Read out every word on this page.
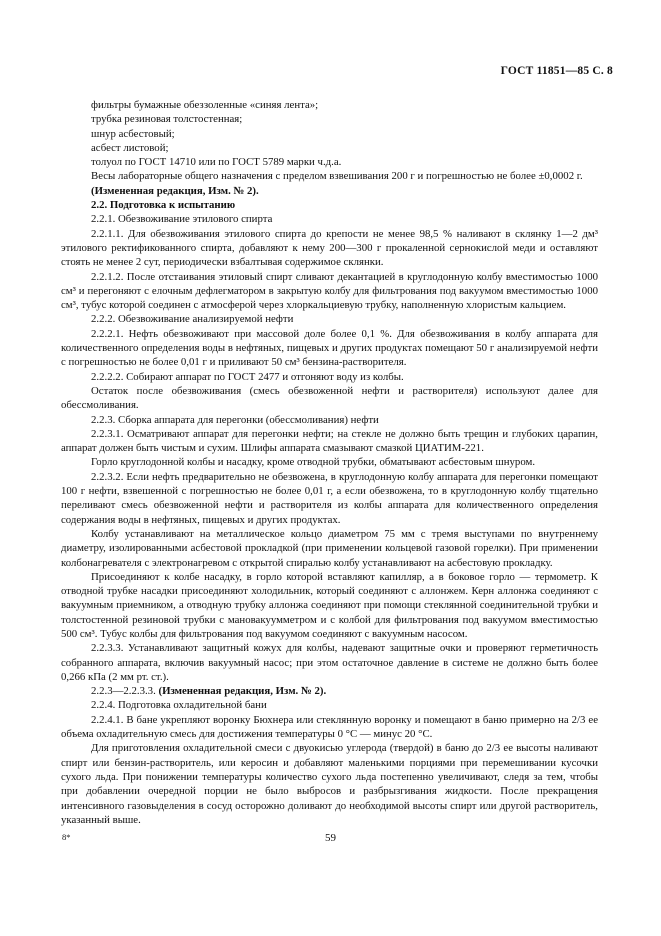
ГОСТ 11851—85 С. 8

фильтры бумажные обеззоленные «синяя лента»;

трубка резиновая толстостенная;

шнур асбестовый;

асбест листовой;

толуол по ГОСТ 14710 или по ГОСТ 5789 марки ч.д.а.

Весы лабораторные общего назначения с пределом взвешивания 200 г и погрешностью не более ±0,0002 г.

(Измененная редакция, Изм. № 2).

2.2. Подготовка к испытанию

2.2.1. Обезвоживание этилового спирта

2.2.1.1. Для обезвоживания этилового спирта до крепости не менее 98,5 % наливают в склянку 1—2 дм³ этилового ректификованного спирта, добавляют к нему 200—300 г прокаленной сернокислой меди и оставляют стоять не менее 2 сут, периодически взбалтывая содержимое склянки.

2.2.1.2. После отстаивания этиловый спирт сливают декантацией в круглодонную колбу вместимостью 1000 см³ и перегоняют с елочным дефлегматором в закрытую колбу для фильтрования под вакуумом вместимостью 1000 см³, тубус которой соединен с атмосферой через хлоркальциевую трубку, наполненную хлористым кальцием.

2.2.2. Обезвоживание анализируемой нефти

2.2.2.1. Нефть обезвоживают при массовой доле более 0,1 %. Для обезвоживания в колбу аппарата для количественного определения воды в нефтяных, пищевых и других продуктах помещают 50 г анализируемой нефти с погрешностью не более 0,01 г и приливают 50 см³ бензина-растворителя.

2.2.2.2. Собирают аппарат по ГОСТ 2477 и отгоняют воду из колбы.

Остаток после обезвоживания (смесь обезвоженной нефти и растворителя) используют далее для обессмоливания.

2.2.3. Сборка аппарата для перегонки (обессмоливания) нефти

2.2.3.1. Осматривают аппарат для перегонки нефти; на стекле не должно быть трещин и глубоких царапин, аппарат должен быть чистым и сухим. Шлифы аппарата смазывают смазкой ЦИАТИМ-221.

Горло круглодонной колбы и насадку, кроме отводной трубки, обматывают асбестовым шнуром.

2.2.3.2. Если нефть предварительно не обезвожена, в круглодонную колбу аппарата для перегонки помещают 100 г нефти, взвешенной с погрешностью не более 0,01 г, а если обезвожена, то в круглодонную колбу тщательно переливают смесь обезвоженной нефти и растворителя из колбы аппарата для количественного определения содержания воды в нефтяных, пищевых и других продуктах.

Колбу устанавливают на металлическое кольцо диаметром 75 мм с тремя выступами по внутреннему диаметру, изолированными асбестовой прокладкой (при применении кольцевой газовой горелки). При применении колбонагревателя с электронагревом с открытой спиралью колбу устанавливают на асбестовую прокладку.

Присоединяют к колбе насадку, в горло которой вставляют капилляр, а в боковое горло — термометр. К отводной трубке насадки присоединяют холодильник, который соединяют с аллонжем. Керн аллонжа соединяют с вакуумным приемником, а отводную трубку аллонжа соединяют при помощи стеклянной соединительной трубки и толстостенной резиновой трубки с мановакуумметром и с колбой для фильтрования под вакуумом вместимостью 500 см³. Тубус колбы для фильтрования под вакуумом соединяют с вакуумным насосом.

2.2.3.3. Устанавливают защитный кожух для колбы, надевают защитные очки и проверяют герметичность собранного аппарата, включив вакуумный насос; при этом остаточное давление в системе не должно быть более 0,266 кПа (2 мм рт. ст.).

2.2.3—2.2.3.3. (Измененная редакция, Изм. № 2).

2.2.4. Подготовка охладительной бани

2.2.4.1. В бане укрепляют воронку Бюхнера или стеклянную воронку и помещают в баню примерно на 2/3 ее объема охладительную смесь для достижения температуры 0 °С — минус 20 °С.

Для приготовления охладительной смеси с двуокисью углерода (твердой) в баню до 2/3 ее высоты наливают спирт или бензин-растворитель, или керосин и добавляют маленькими порциями при перемешивании кусочки сухого льда. При понижении температуры количество сухого льда постепенно увеличивают, следя за тем, чтобы при добавлении очередной порции не было выбросов и разбрызгивания жидкости. После прекращения интенсивного газовыделения в сосуд осторожно доливают до необходимой высоты спирт или другой растворитель, указанный выше.

8*	59
